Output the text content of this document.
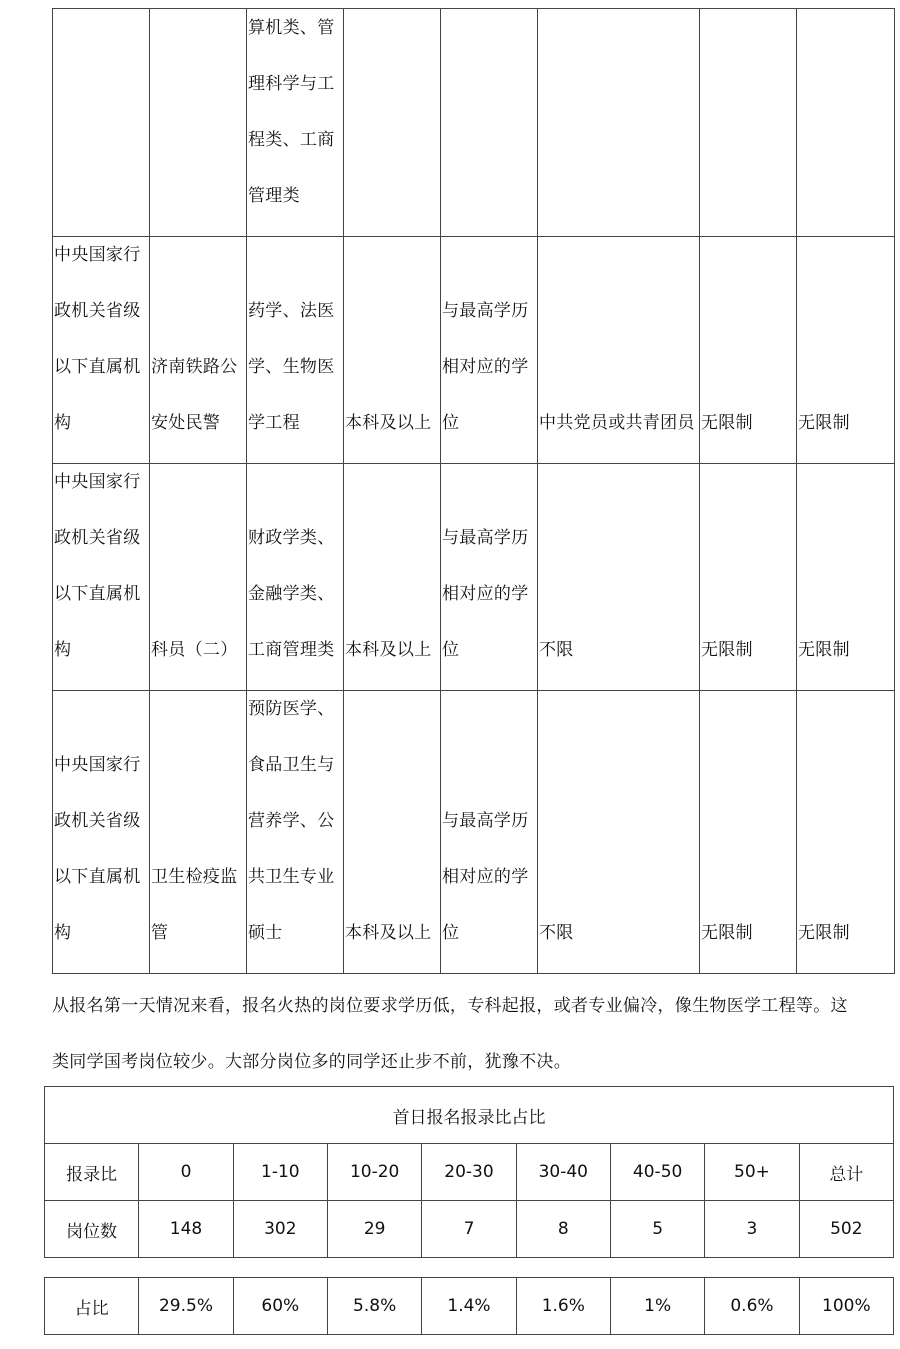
		算机类、管理科学与工程类、工商管理类					

中央国家行政机关省级以下直属机构	济南铁路公安处民警	药学、法医学、生物医学工程	本科及以上	与最高学历相对应的学位	中共党员或共青团员	无限制	无限制

中央国家行政机关省级以下直属机构	科员（二）	财政学类、金融学类、工商管理类	本科及以上	与最高学历相对应的学位	不限	无限制	无限制

中央国家行政机关省级以下直属机构	卫生检疫监管	预防医学、食品卫生与营养学、公共卫生专业硕士	本科及以上	与最高学历相对应的学位	不限	无限制	无限制

从报名第一天情况来看，报名火热的岗位要求学历低，专科起报，或者专业偏冷，像生物医学工程等。这类同学国考岗位较少。大部分岗位多的同学还止步不前，犹豫不决。

首日报名报录比占比								
报录比	0	1-10	10-20	20-30	30-40	40-50	50+	总计
岗位数	148	302	29	7	8	5	3	502
占比	29.5%	60%	5.8%	1.4%	1.6%	1%	0.6%	100%
